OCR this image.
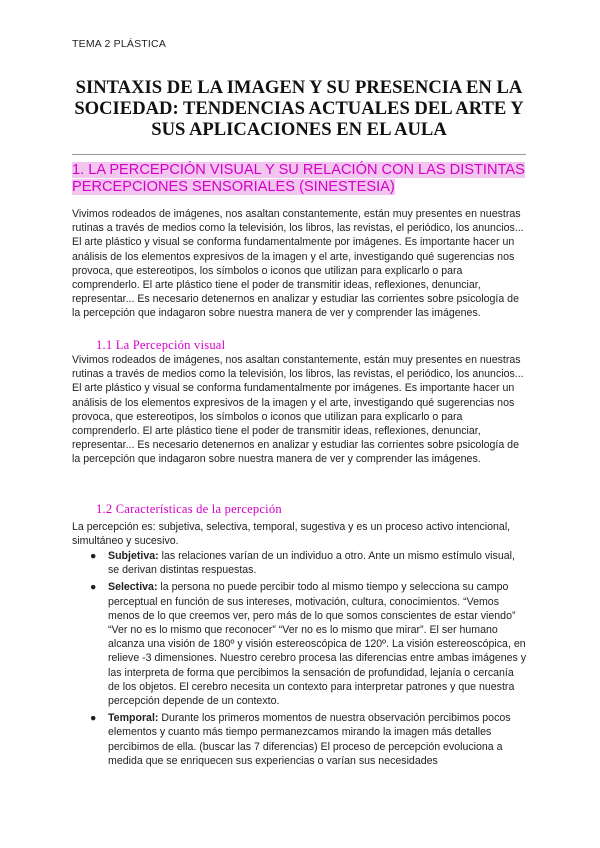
TEMA 2 PLÁSTICA
SINTAXIS DE LA IMAGEN Y SU PRESENCIA EN LA SOCIEDAD: TENDENCIAS ACTUALES DEL ARTE Y SUS APLICACIONES EN EL AULA
1. LA PERCEPCIÓN VISUAL Y SU RELACIÓN CON LAS DISTINTAS PERCEPCIONES SENSORIALES (SINESTESIA)

Vivimos rodeados de imágenes, nos asaltan constantemente, están muy presentes en nuestras rutinas a través de medios como la televisión, los libros, las revistas, el periódico, los anuncios... El arte plástico y visual se conforma fundamentalmente por imágenes. Es importante hacer un análisis de los elementos expresivos de la imagen y el arte, investigando qué sugerencias nos provoca, que estereotipos, los símbolos o iconos que utilizan para explicarlo o para comprenderlo. El arte plástico tiene el poder de transmitir ideas, reflexiones, denunciar, representar... Es necesario detenernos en analizar y estudiar las corrientes sobre psicología de la percepción que indagaron sobre nuestra manera de ver y comprender las imágenes.

1.1 La Percepción visual

Vivimos rodeados de imágenes, nos asaltan constantemente, están muy presentes en nuestras rutinas a través de medios como la televisión, los libros, las revistas, el periódico, los anuncios... El arte plástico y visual se conforma fundamentalmente por imágenes. Es importante hacer un análisis de los elementos expresivos de la imagen y el arte, investigando qué sugerencias nos provoca, que estereotipos, los símbolos o iconos que utilizan para explicarlo o para comprenderlo. El arte plástico tiene el poder de transmitir ideas, reflexiones, denunciar, representar... Es necesario detenernos en analizar y estudiar las corrientes sobre psicología de la percepción que indagaron sobre nuestra manera de ver y comprender las imágenes.

1.2 Características de la percepción

La percepción es: subjetiva, selectiva, temporal, sugestiva y es un proceso activo intencional, simultáneo y sucesivo.

● Subjetiva: las relaciones varían de un individuo a otro. Ante un mismo estímulo visual, se derivan distintas respuestas.
● Selectiva: la persona no puede percibir todo al mismo tiempo y selecciona su campo perceptual en función de sus intereses, motivación, cultura, conocimientos. “Vemos menos de lo que creemos ver, pero más de lo que somos conscientes de estar viendo” “Ver no es lo mismo que reconocer” “Ver no es lo mismo que mirar”. El ser humano alcanza una visión de 180º y visión estereoscópica de 120º. La visión estereoscópica, en relieve -3 dimensiones. Nuestro cerebro procesa las diferencias entre ambas imágenes y las interpreta de forma que percibimos la sensación de profundidad, lejanía o cercanía de los objetos. El cerebro necesita un contexto para interpretar patrones y que nuestra percepción depende de un contexto.
● Temporal: Durante los primeros momentos de nuestra observación percibimos pocos elementos y cuanto más tiempo permanezcamos mirando la imagen más detalles percibimos de ella. (buscar las 7 diferencias) El proceso de percepción evoluciona a medida que se enriquecen sus experiencias o varían sus necesidades
